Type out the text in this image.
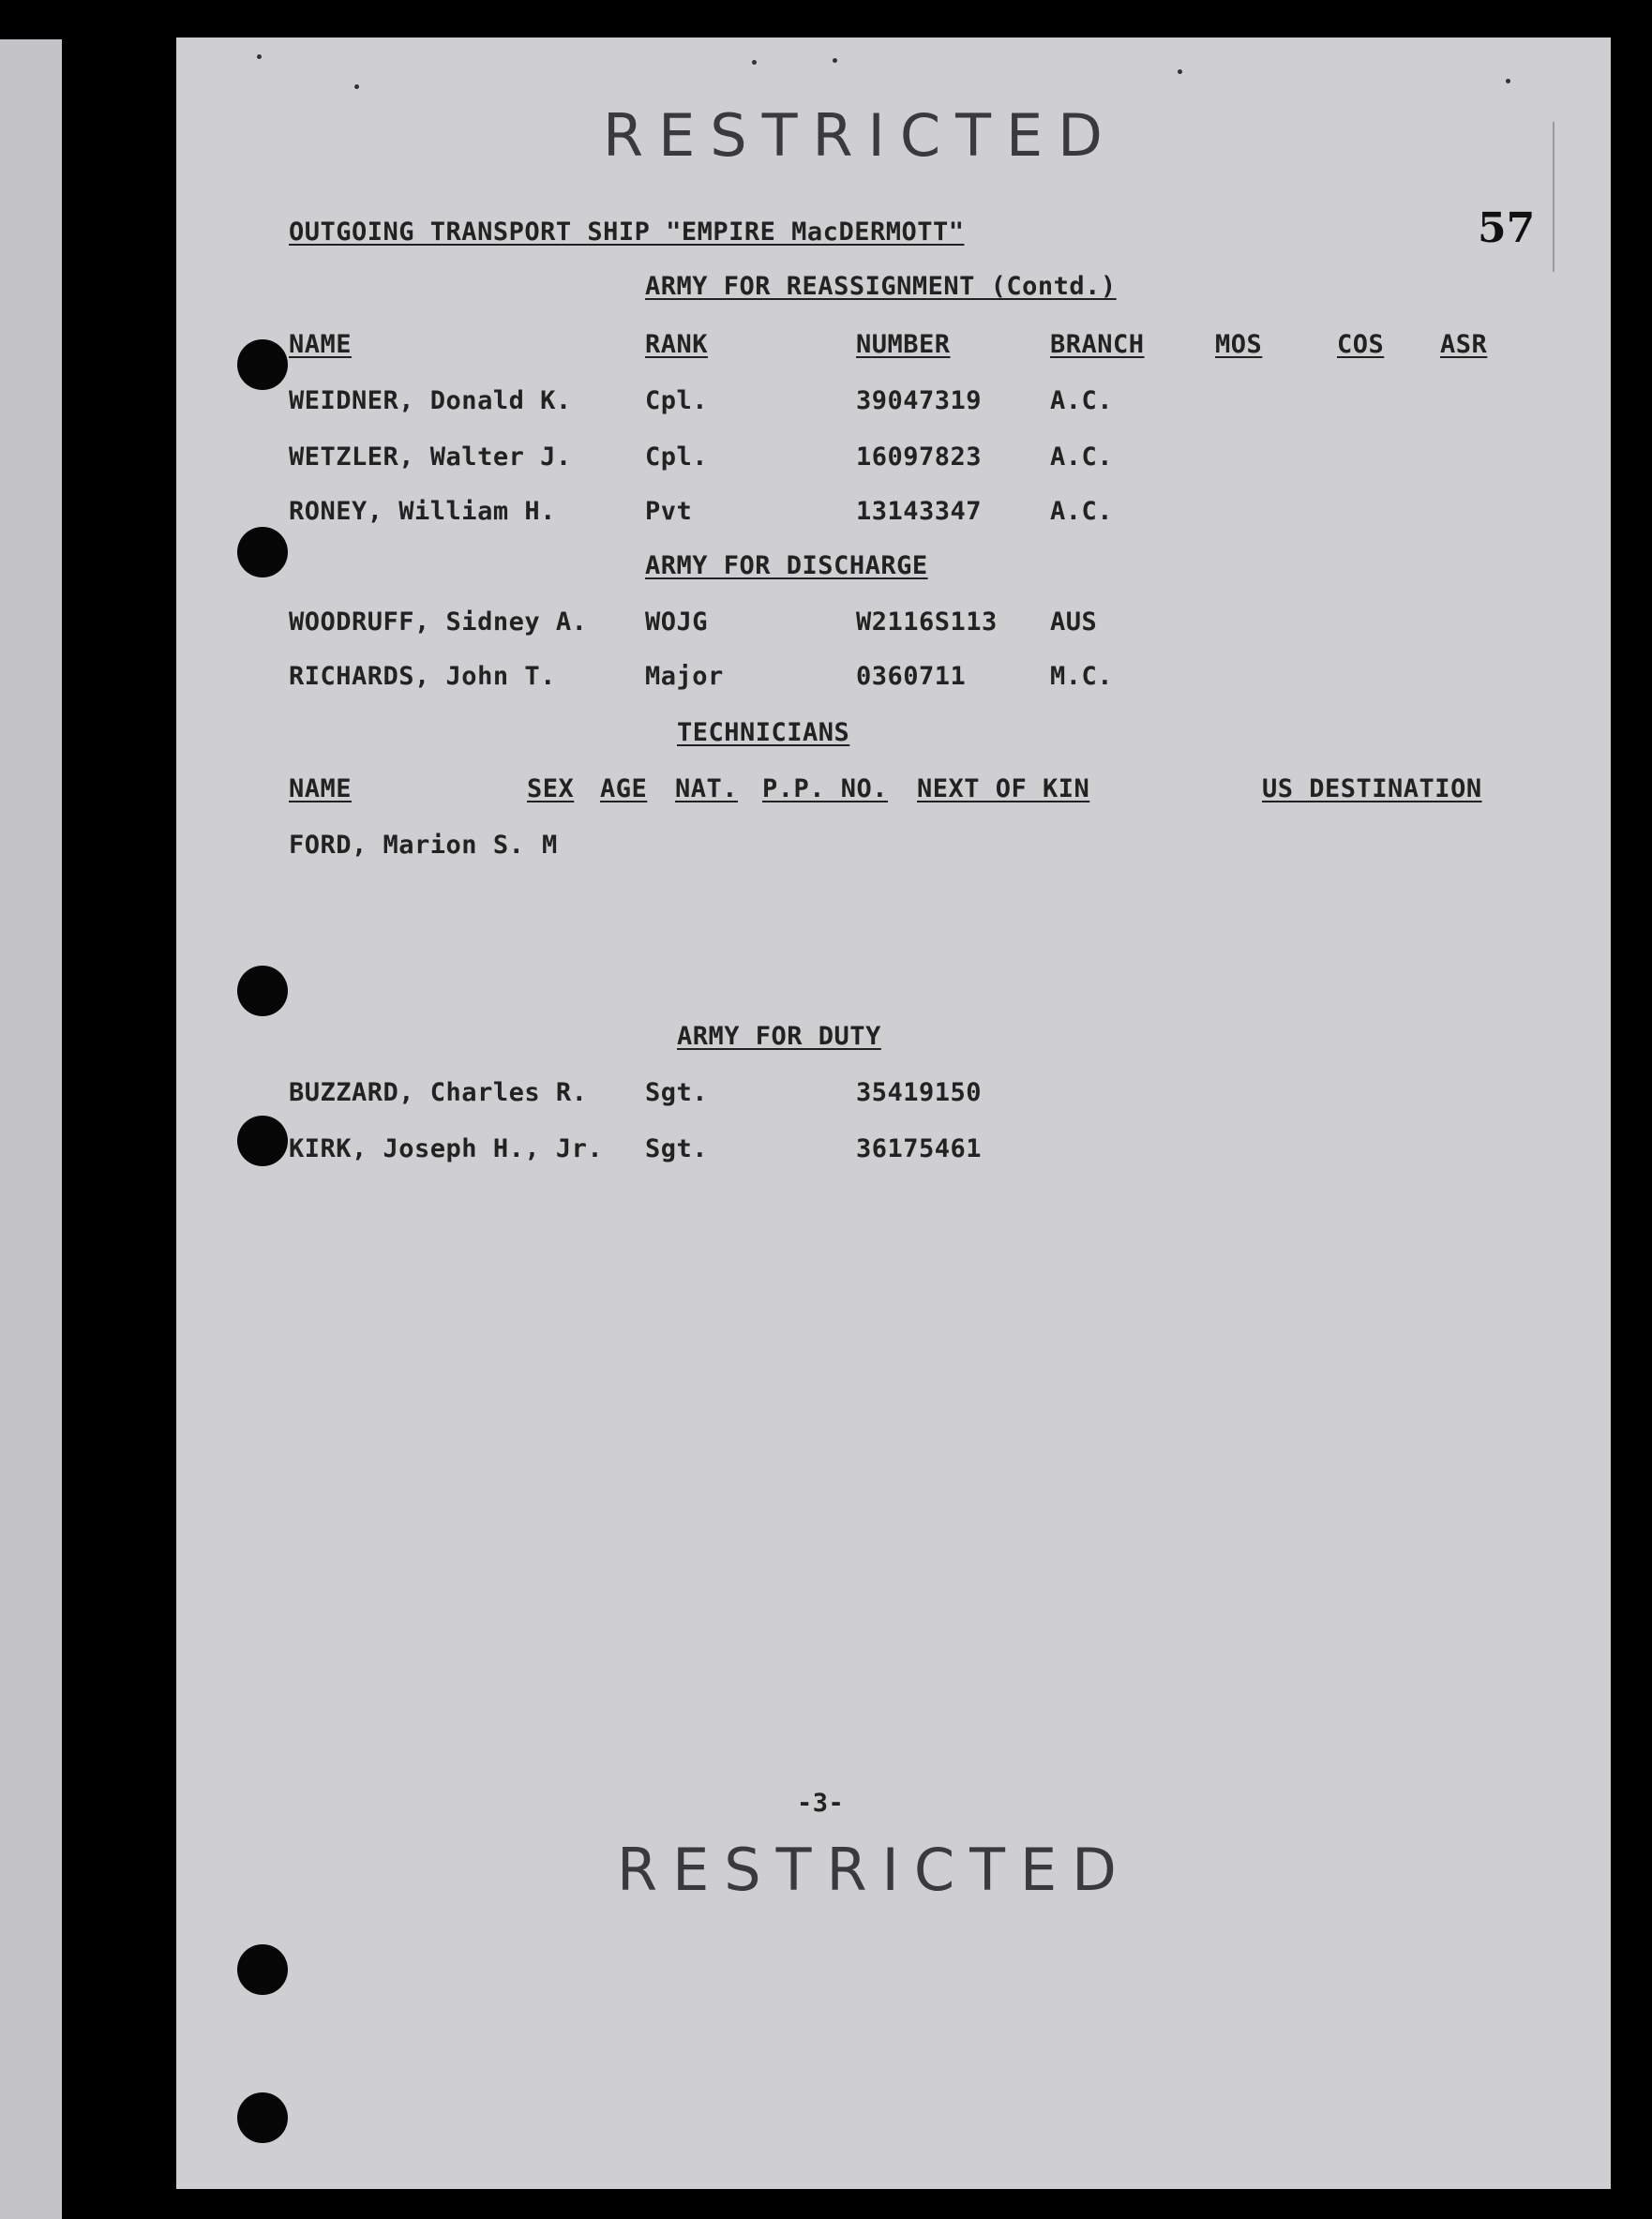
RESTRICTED
57
OUTGOING TRANSPORT SHIP "EMPIRE MacDERMOTT"
ARMY FOR REASSIGNMENT (Contd.)
NAME	RANK	NUMBER	BRANCH	MOS	COS ASR
WEIDNER, Donald K.	Cpl.	39047319	A.C.
WETZLER, Walter J.	Cpl.	16097823	A.C.
RONEY, William H.	Pvt	13143347	A.C.
ARMY FOR DISCHARGE
WOODRUFF, Sidney A. WOJG	W2116S113 AUS
RICHARDS, John T.	Major	0360711	M.C.
TECHNICIANS
NAME	SEX AGE NAT. P.P. NO. NEXT OF KIN	US DESTINATION
FORD, Marion S. M
ARMY FOR DUTY
BUZZARD, Charles R. Sgt.	35419150
KIRK, Joseph H., Jr. Sgt.	36175461
-3-
RESTRICTED
